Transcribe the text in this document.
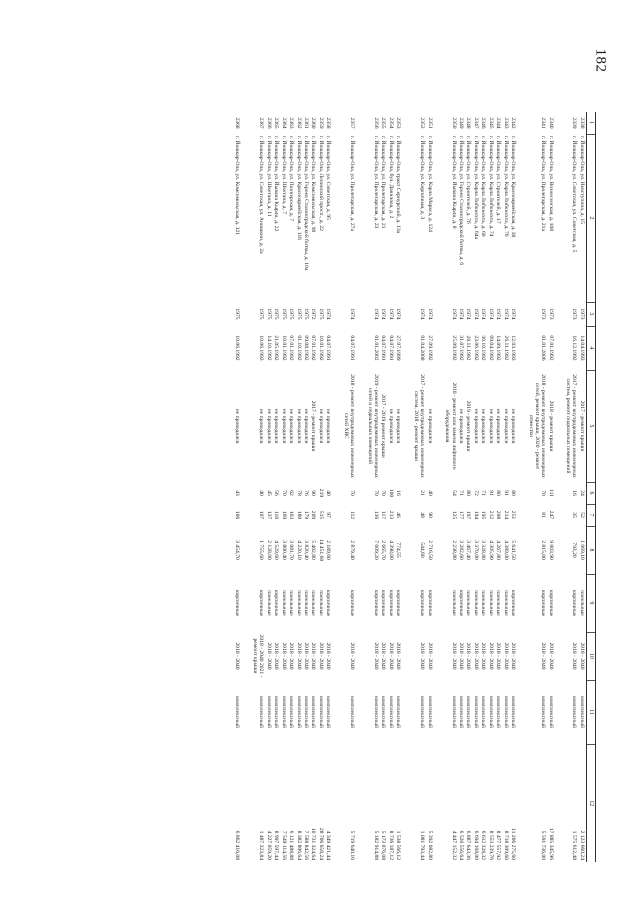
182
1	2	3	4	5	6	7	8	9	10	11	12
2338	г. Йошкар-Ола, ул. Невступина, д. 15	1973	14.04.1993	2017 - ремонт крыши	24	52	1 069,10	панельные	2018 - 2040	комплексный	2 123 660,24
2339	г. Йошкар-Ола, ул. Советская, ул. Советская, д. 5	1973	16.12.1992	2017 - ремонт внутридомовых инженерных систем, ремонт подвальных помещений	16	35	793,20	кирпичные	2018 - 2040	комплексный	1 575 612,48

2340	г. Йошкар-Ола, ул. Вознесенская, д. 108	1973	07.01.1992	2018 - ремонт крыши	111	247	9 003,90	кирпичные	2018 - 2040	комплексный	17 885 345,96
2341	г. Йошкар-Ола, ул. Пролетарская, д. 21а	1973	01.01.2006	2018 - ремонт внутридомовых инженерных сетей, ремонт крыши, 2020 - ремонт отмостки	70	81	2 815,00	кирпичные	2018 - 2040	комплексный	5 591 736,00

2342	г. Йошкар-Ола, ул. Красноармейская, д. 30	1974	12.03.1993	не проводился	80	251	5 641,50	кирпичные	2018 - 2040	комплексный	11 206 275,60
2343	г. Йошкар-Ола, ул. Карла Либкнехта, д. 76	1974	26.11.1992	не проводился	91	214	4 389,00	панельные	2018 - 2040	комплексный	8 718 309,60
2344	г. Йошкар-Ола, ул. Строителей, д. 17	1974	14.09.1992	не проводился	80	208	4 267,80	панельные	2018 - 2040	комплексный	8 477 557,92
2345	г. Йошкар-Ола, ул. Карла Либкнехта, д. 74	1974	09.04.1992	не проводился	91	212	4 305,90	панельные	2018 - 2040	комплексный	8 553 239,76
2346	г. Йошкар-Ола, ул. Карла Либкнехта, д. 60	1974	30.10.1992	не проводился	71	195	3 328,80	панельные	2018 - 2040	комплексный	6 612 328,32
2347	г. Йошкар-Ола, ул. Карла Либкнехта, д. 64а	1974	23.06.1992	не проводился	72	194	3 370,00	панельные	2018 - 2040	комплексный	6 694 168,00
2348	г. Йошкар-Ола, ул. Строителей, д. 7б	1974	20.11.1992	2019 - ремонт крыши	80	197	3 467,40	панельные	2018 - 2040	комплексный	6 887 643,36
2349	г. Йошкар-Ола, ул. Героев Сталинградской битвы, д. 6	1974	31.07.1992	не проводился	71	177	3 282,60	кирпичные	2018 - 2040	комплексный	6 520 556,64
2350	г. Йошкар-Ола, ул. Йывана Кырли, д. 8	1974	25.09.1992	2018 - ремонт или замена лифтового оборудования	54	125	2 238,80	панельные	2018 - 2040	комплексный	4 447 152,32

2351	г. Йошкар-Ола, ул. Карла Маркса, д. 124	1974	27.09.1992	не проводился	40	90	2 716,50	кирпичные	2018 - 2040	комплексный	5 392 082,80
2352	г. Йошкар-Ола, ул. Кирпичная, д. 3	1974	01.04.2008	2017 - ремонт внутридомовых инженерных систем, 2018 - ремонт крыши	21	48	544,60	кирпичные	2018 - 2040	комплексный	1 081 793,44

2353	г. Йошкар-Ола, тракт Сернурский, д. 13а	1974	27.07.1999	не проводился	16	46	774,55	кирпичные	2018 - 2040	комплексный	1 538 566,12
2354	г. Йошкар-Ола, бул. Данилова, д. 2	1974	04.07.1991	не проводился	100	213	4 398,00	кирпичные	2018 - 2040	комплексный	8 736 187,12
2355	г. Йошкар-Ола, ул. Пролетарская, д. 21	1974	04.07.1991	2017 - 2019 ремонт крыши	70	117	2 665,70	кирпичные	2018 - 2040	комплексный	5 173 076,08
2356	г. Йошкар-Ола, ул. Пролетарская, д. 23	1974	01.01.2002	2019 - ремонт внутридомовых инженерных сетей и подвальных помещений	70	136	7 609,20	кирпичные	2018 - 2040	комплексный	5 182 914,88

2357	г. Йошкар-Ола, ул. Пролетарская, д. 27а	1974	04.07.1991	2018 - ремонт внутридомовых инженерных сетей ХВС	70	112	2 879,40	кирпичные	2018 - 2040	комплексный	5 719 640,16

2358	г. Йошкар-Ола, ул. Советская, д. 95	1974	04.07.1991	не проводился	40	97	2 189,60	кирпичные	2018 - 2040	комплексный	4 349 421,44
2359	г. Йошкар-Ола, Ленинский просп., д. 22	1975	10.01.1992	не проводился	219	515	14 451,60	панельные	2018 - 2040	комплексный	28 706 658,24
2360	г. Йошкар-Ола, ул. Комсомольская, д. 90	1972	07.01.1992	2017 - ремонт крыши	90	209	5 402,80	панельные	2018 - 2040	комплексный	10 731 324,64
2361	г. Йошкар-Ола, ул. Героев Сталинградской битвы, д. 10а	1975	09.08.1992	не проводился	76	179	3 820,40	панельные	2018 - 2040	комплексный	7 588 842,56
2362	г. Йошкар-Ола, ул. Красноармейская, д. 116	1975	01.10.1992	не проводился	78	180	4 220,10	панельные	2018 - 2040	комплексный	8 382 806,64
2363	г. Йошкар-Ола, ул. Пионерская, д. 7	1975	07.01.1992	не проводился	62	163	3 081,70	панельные	2018 - 2040	комплексный	6 121 488,88
2364	г. Йошкар-Ола, ул. Шкетана, д. 7	1975	10.01.1992	не проводился	70	169	3 800,40	панельные	2018 - 2040	комплексный	7 549 114,56
2365	г. Йошкар-Ола, ул. Йывана Кырли, д. 22	1975	21.05.1992	не проводился	56	118	4 529,60	кирпичные	2018 - 2040	комплексный	8 997 597,44
2366	г. Йошкар-Ола, ул. Шкетана, д. 11	1975	14.10.1992	не проводился	45	137	2 128,00	панельные	2018 - 2040	комплексный	4 227 059,20
2367	г. Йошкар-Ола, ул. Советская, ул. Анишкин, д. 2а	1975	10.06.1993	не проводился	40	107	1 755,60	кирпичные	2018 - 2040 2021 - ремонт крыши	комплексный	1 487 323,84

2368	г. Йошкар-Ола, ул. Комсомольская, д. 121	1975	10.06.1992	не проводился	43	106	3 454,70	кирпичные	2018 - 2040	комплексный	6 862 416,08
